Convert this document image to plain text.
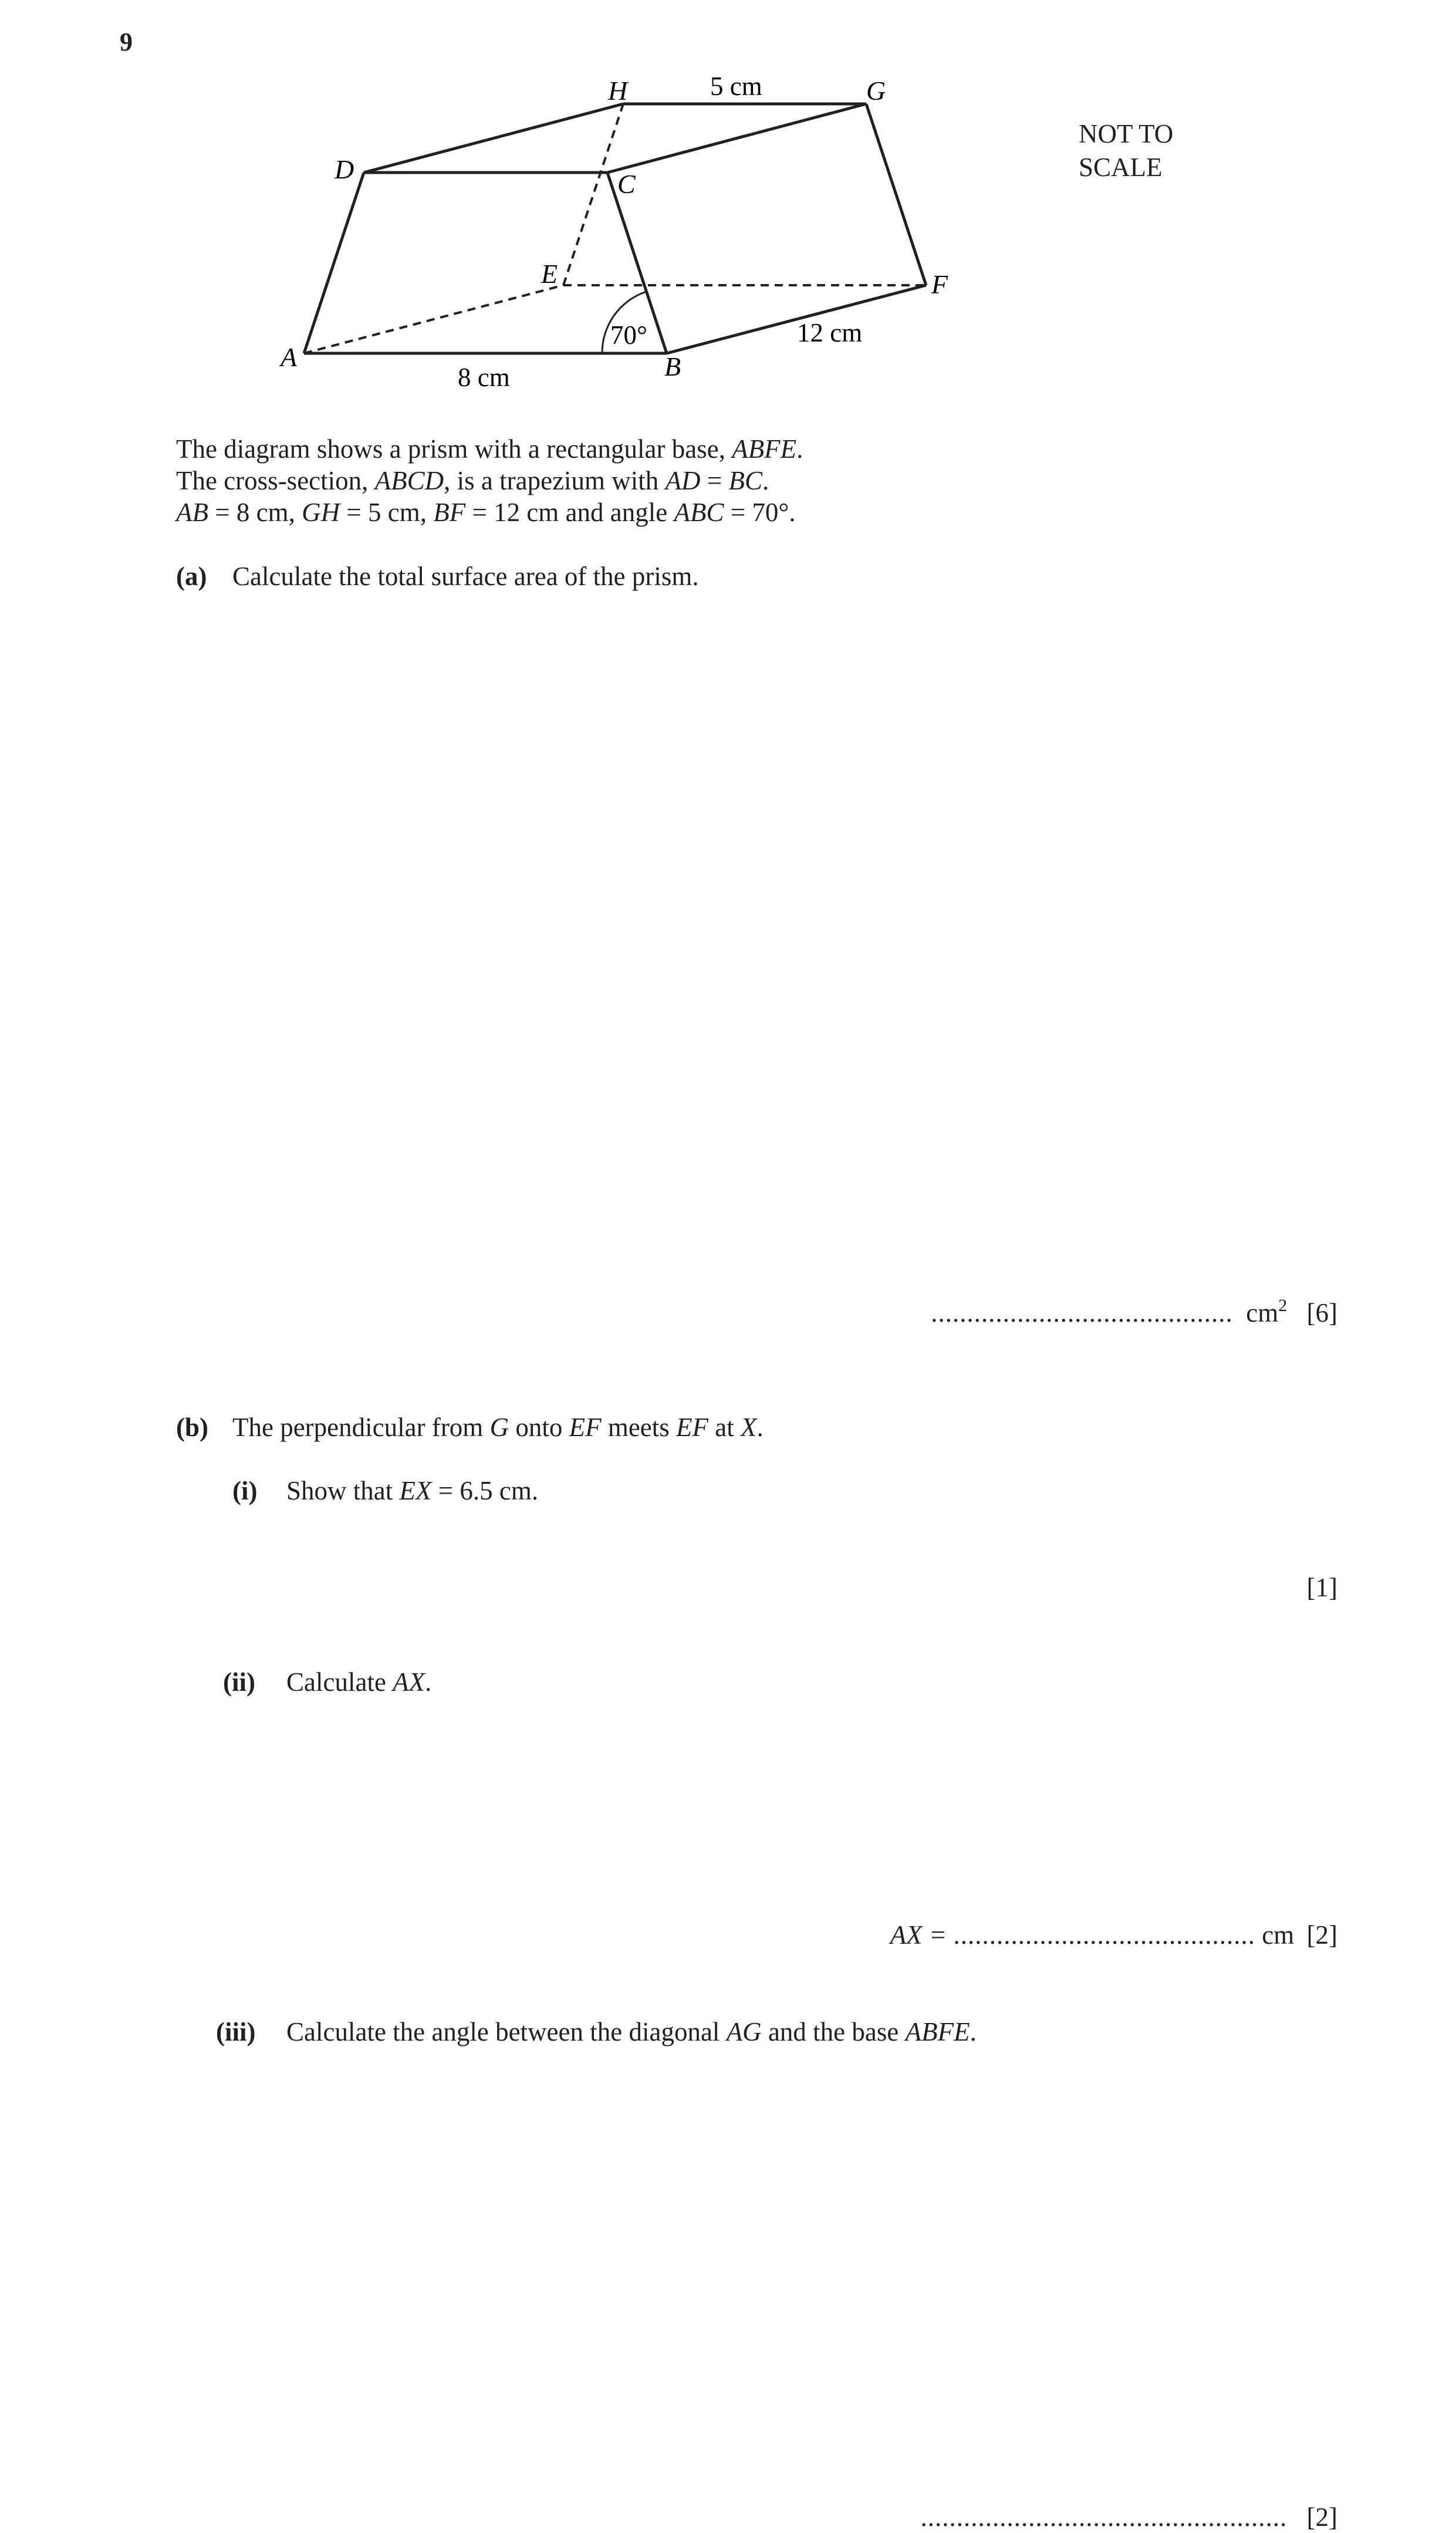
9
H	G
D	C
E	F
A	B
5 cm
12 cm
8 cm
70°
NOT TO
SCALE
The diagram shows a prism with a rectangular base, ABFE.
The cross-section, ABCD, is a trapezium with AD = BC.
AB = 8 cm, GH = 5 cm, BF = 12 cm and angle ABC = 70°.
(a) Calculate the total surface area of the prism.
.......................................... $cm^2$ [6]
(b) The perpendicular from G onto EF meets EF at X.
(i) Show that EX = 6.5 cm.
[1]
(ii) Calculate AX.
AX = .......................................... cm [2]
(iii) Calculate the angle between the diagonal AG and the base ABFE.
................................................... [2]
